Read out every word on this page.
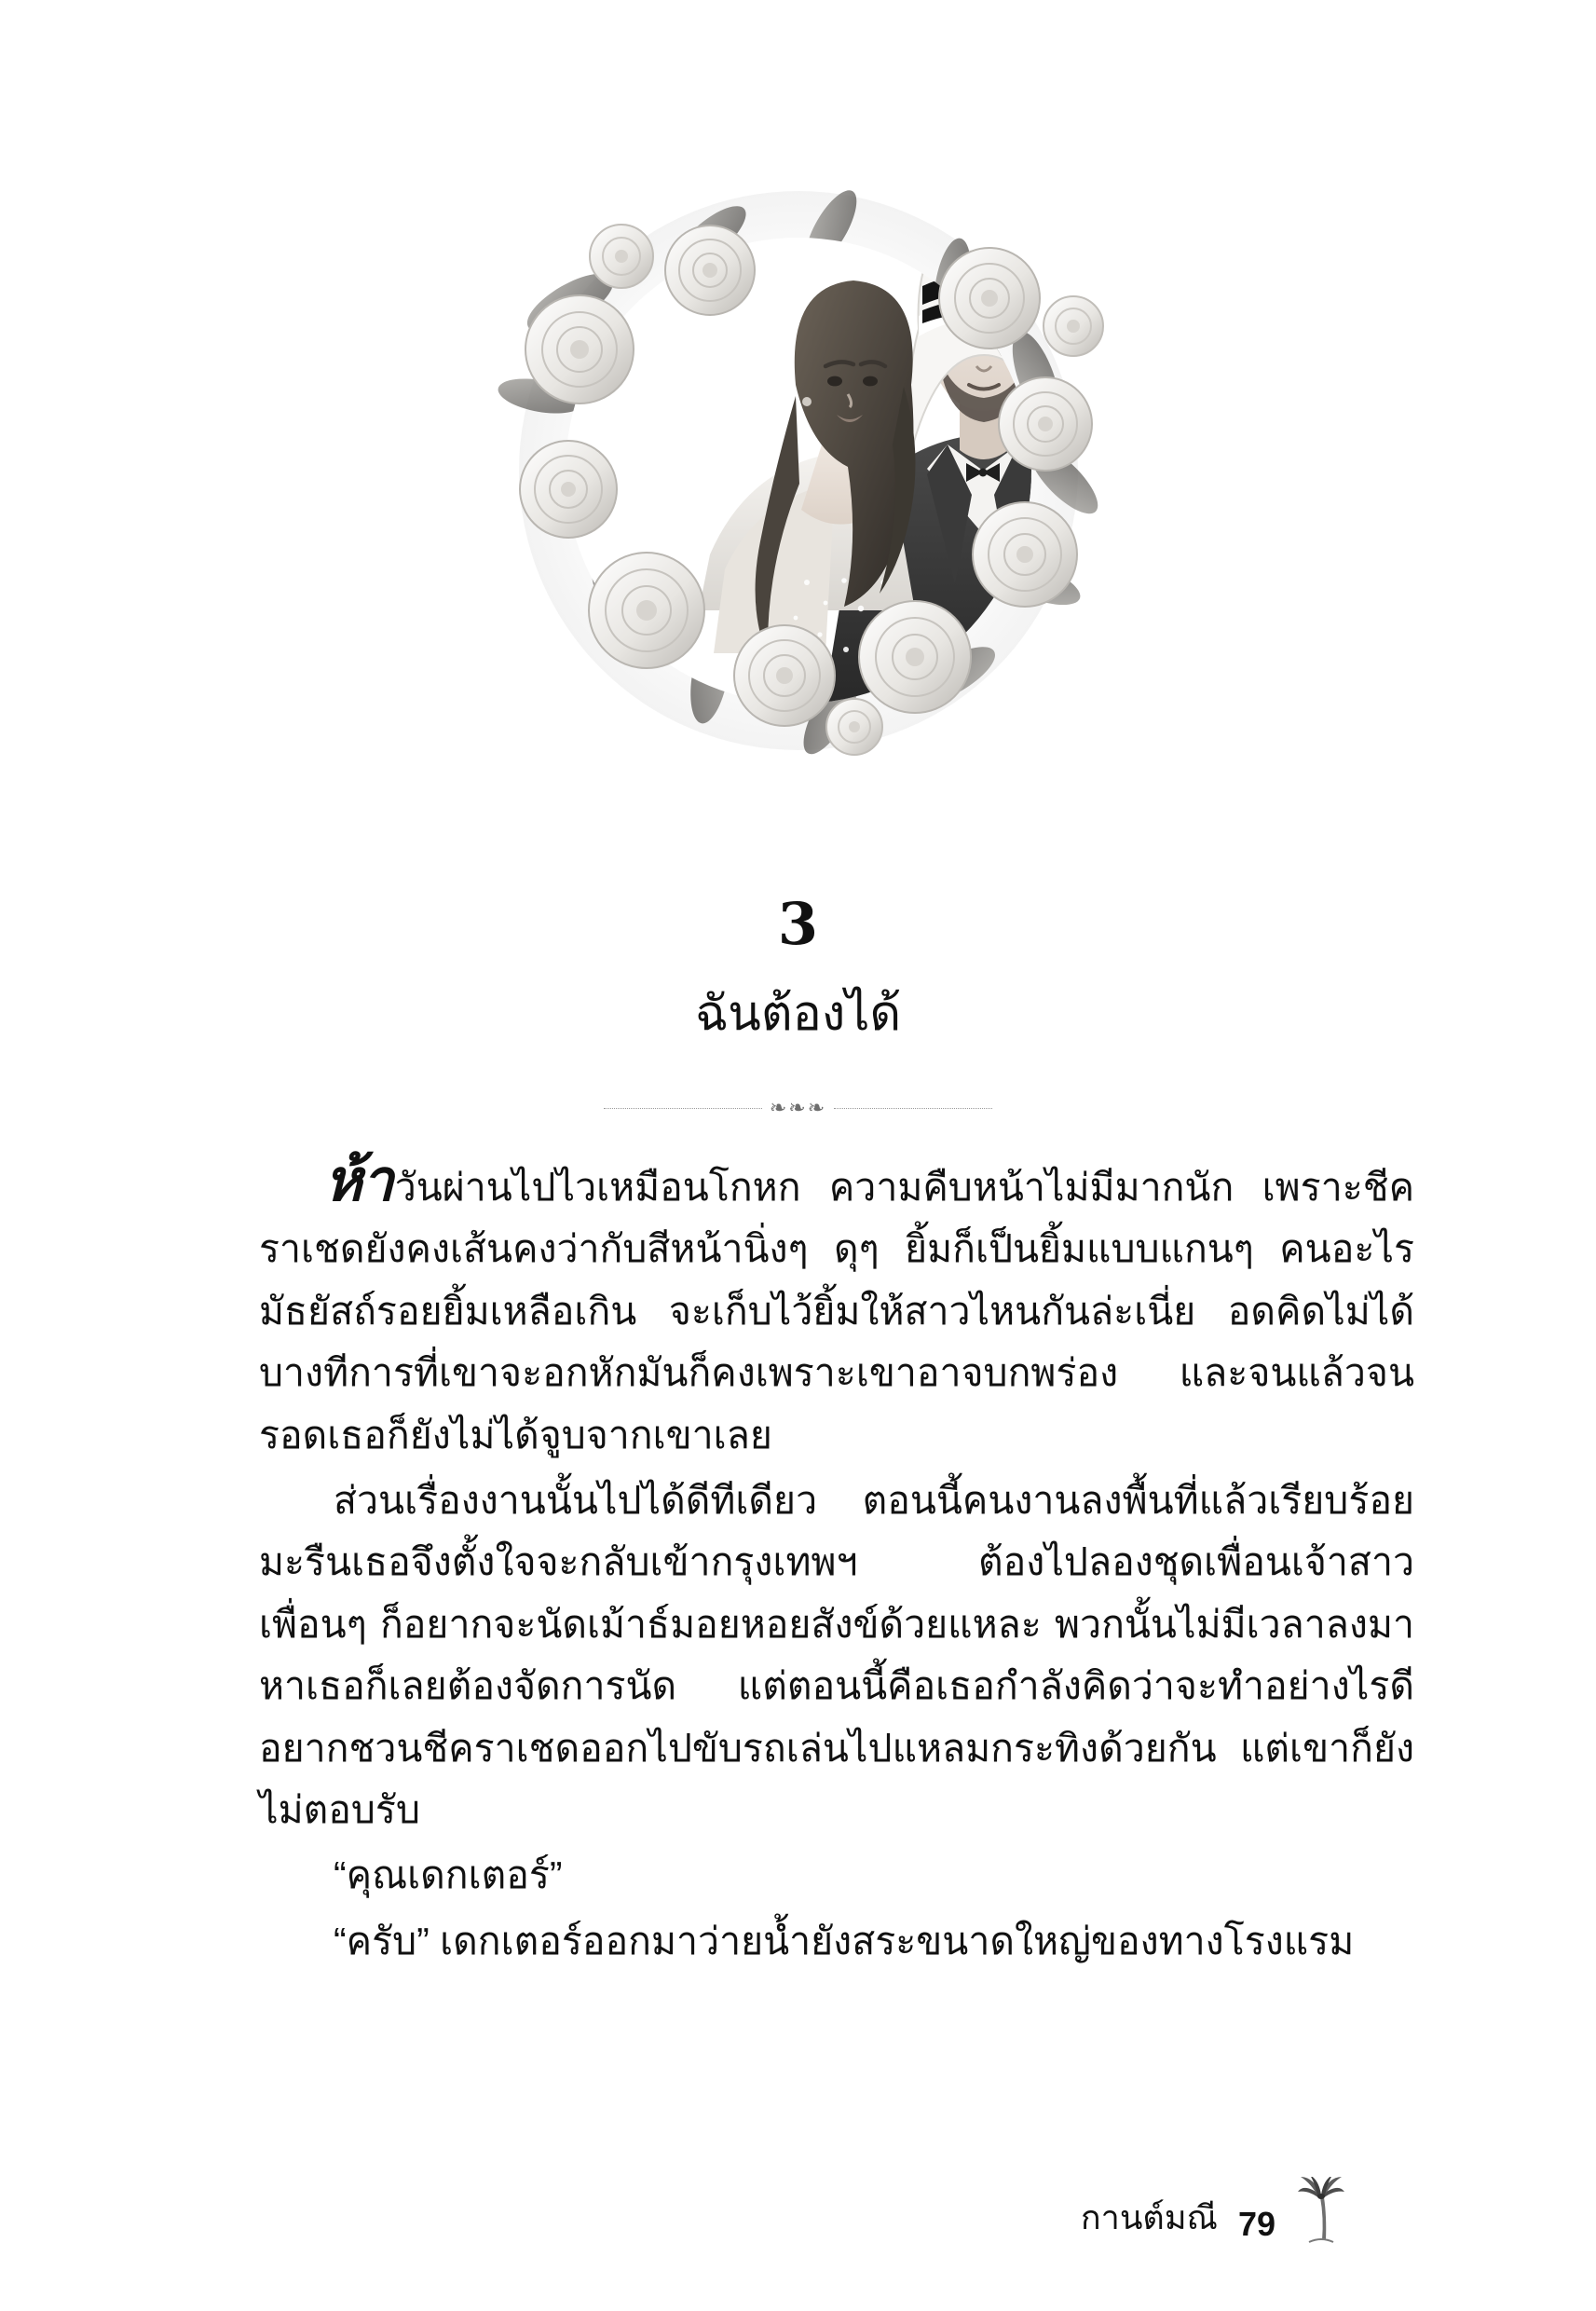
3
ฉันต้องได้
❧❧❧

ห้าวันผ่านไปไวเหมือนโกหก ความคืบหน้าไม่มีมากนัก เพราะชีคราเชดยังคงเส้นคงว่ากับสีหน้านิ่งๆ ดุๆ ยิ้มก็เป็นยิ้มแบบแกนๆ คนอะไรมัธยัสถ์รอยยิ้มเหลือเกิน จะเก็บไว้ยิ้มให้สาวไหนกันล่ะเนี่ย อดคิดไม่ได้ บางทีการที่เขาจะอกหักมันก็คงเพราะเขาอาจบกพร่อง และจนแล้วจนรอดเธอก็ยังไม่ได้จูบจากเขาเลย

ส่วนเรื่องงานนั้นไปได้ดีทีเดียว ตอนนี้คนงานลงพื้นที่แล้วเรียบร้อย มะรืนเธอจึงตั้งใจจะกลับเข้ากรุงเทพฯ ต้องไปลองชุดเพื่อนเจ้าสาว เพื่อนๆ ก็อยากจะนัดเม้าธ์มอยหอยสังข์ด้วยแหละ พวกนั้นไม่มีเวลาลงมาหาเธอก็เลยต้องจัดการนัด แต่ตอนนี้คือเธอกำลังคิดว่าจะทำอย่างไรดี อยากชวนชีคราเชดออกไปขับรถเล่นไปแหลมกระทิงด้วยกัน แต่เขาก็ยังไม่ตอบรับ

“คุณเดกเตอร์”

“ครับ” เดกเตอร์ออกมาว่ายน้ำยังสระขนาดใหญ่ของทางโรงแรม

กานต์มณี 79
